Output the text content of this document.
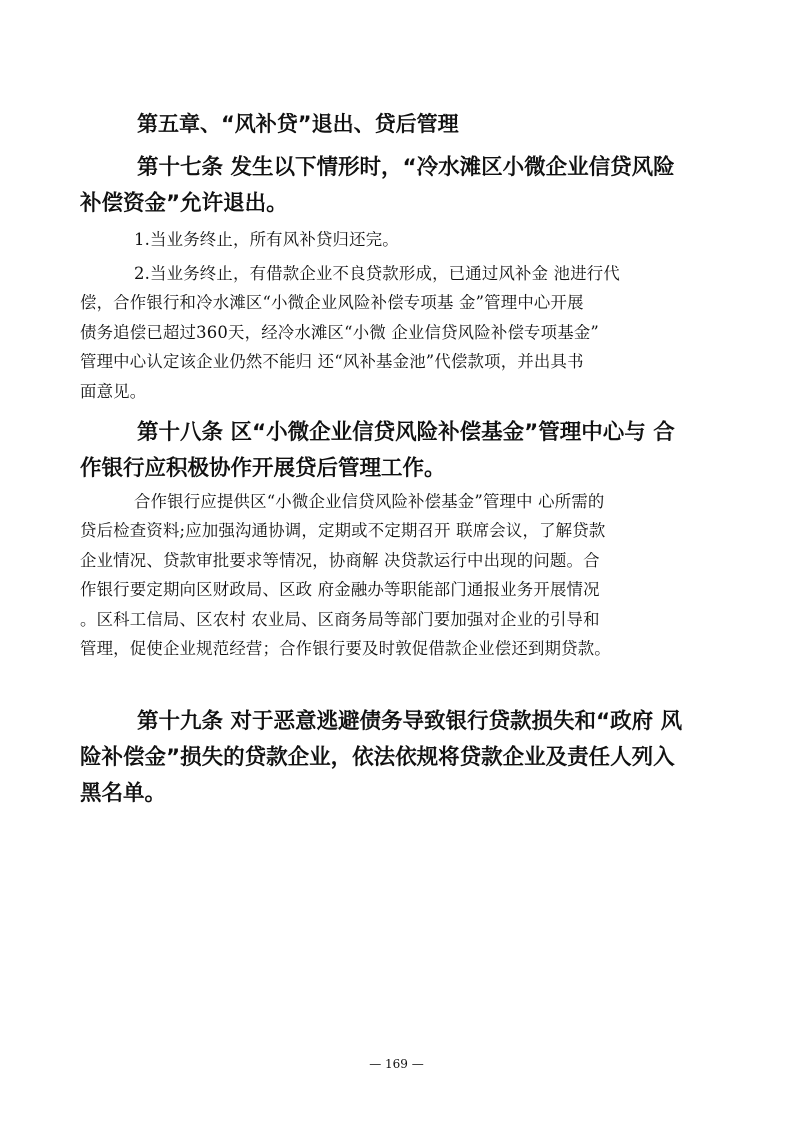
第五章、“风补贷”退出、贷后管理
第十七条 发生以下情形时，“冷水滩区小微企业信贷风险
补偿资金”允许退出。
1.当业务终止，所有风补贷归还完。
2.当业务终止，有借款企业不良贷款形成，已通过风补金 池进行代
偿，合作银行和冷水滩区“小微企业风险补偿专项基 金”管理中心开展
债务追偿已超过360天，经冷水滩区“小微 企业信贷风险补偿专项基金”
管理中心认定该企业仍然不能归 还“风补基金池”代偿款项，并出具书
面意见。
第十八条 区“小微企业信贷风险补偿基金”管理中心与 合
作银行应积极协作开展贷后管理工作。
合作银行应提供区“小微企业信贷风险补偿基金”管理中 心所需的
贷后检查资料;应加强沟通协调，定期或不定期召开 联席会议，了解贷款
企业情况、贷款审批要求等情况，协商解 决贷款运行中出现的问题。合
作银行要定期向区财政局、区政 府金融办等职能部门通报业务开展情况
。区科工信局、区农村 农业局、区商务局等部门要加强对企业的引导和
管理，促使企业规范经营；合作银行要及时敦促借款企业偿还到期贷款。
第十九条 对于恶意逃避债务导致银行贷款损失和“政府 风
险补偿金”损失的贷款企业，依法依规将贷款企业及责任人列入
黑名单。
— 169 —
